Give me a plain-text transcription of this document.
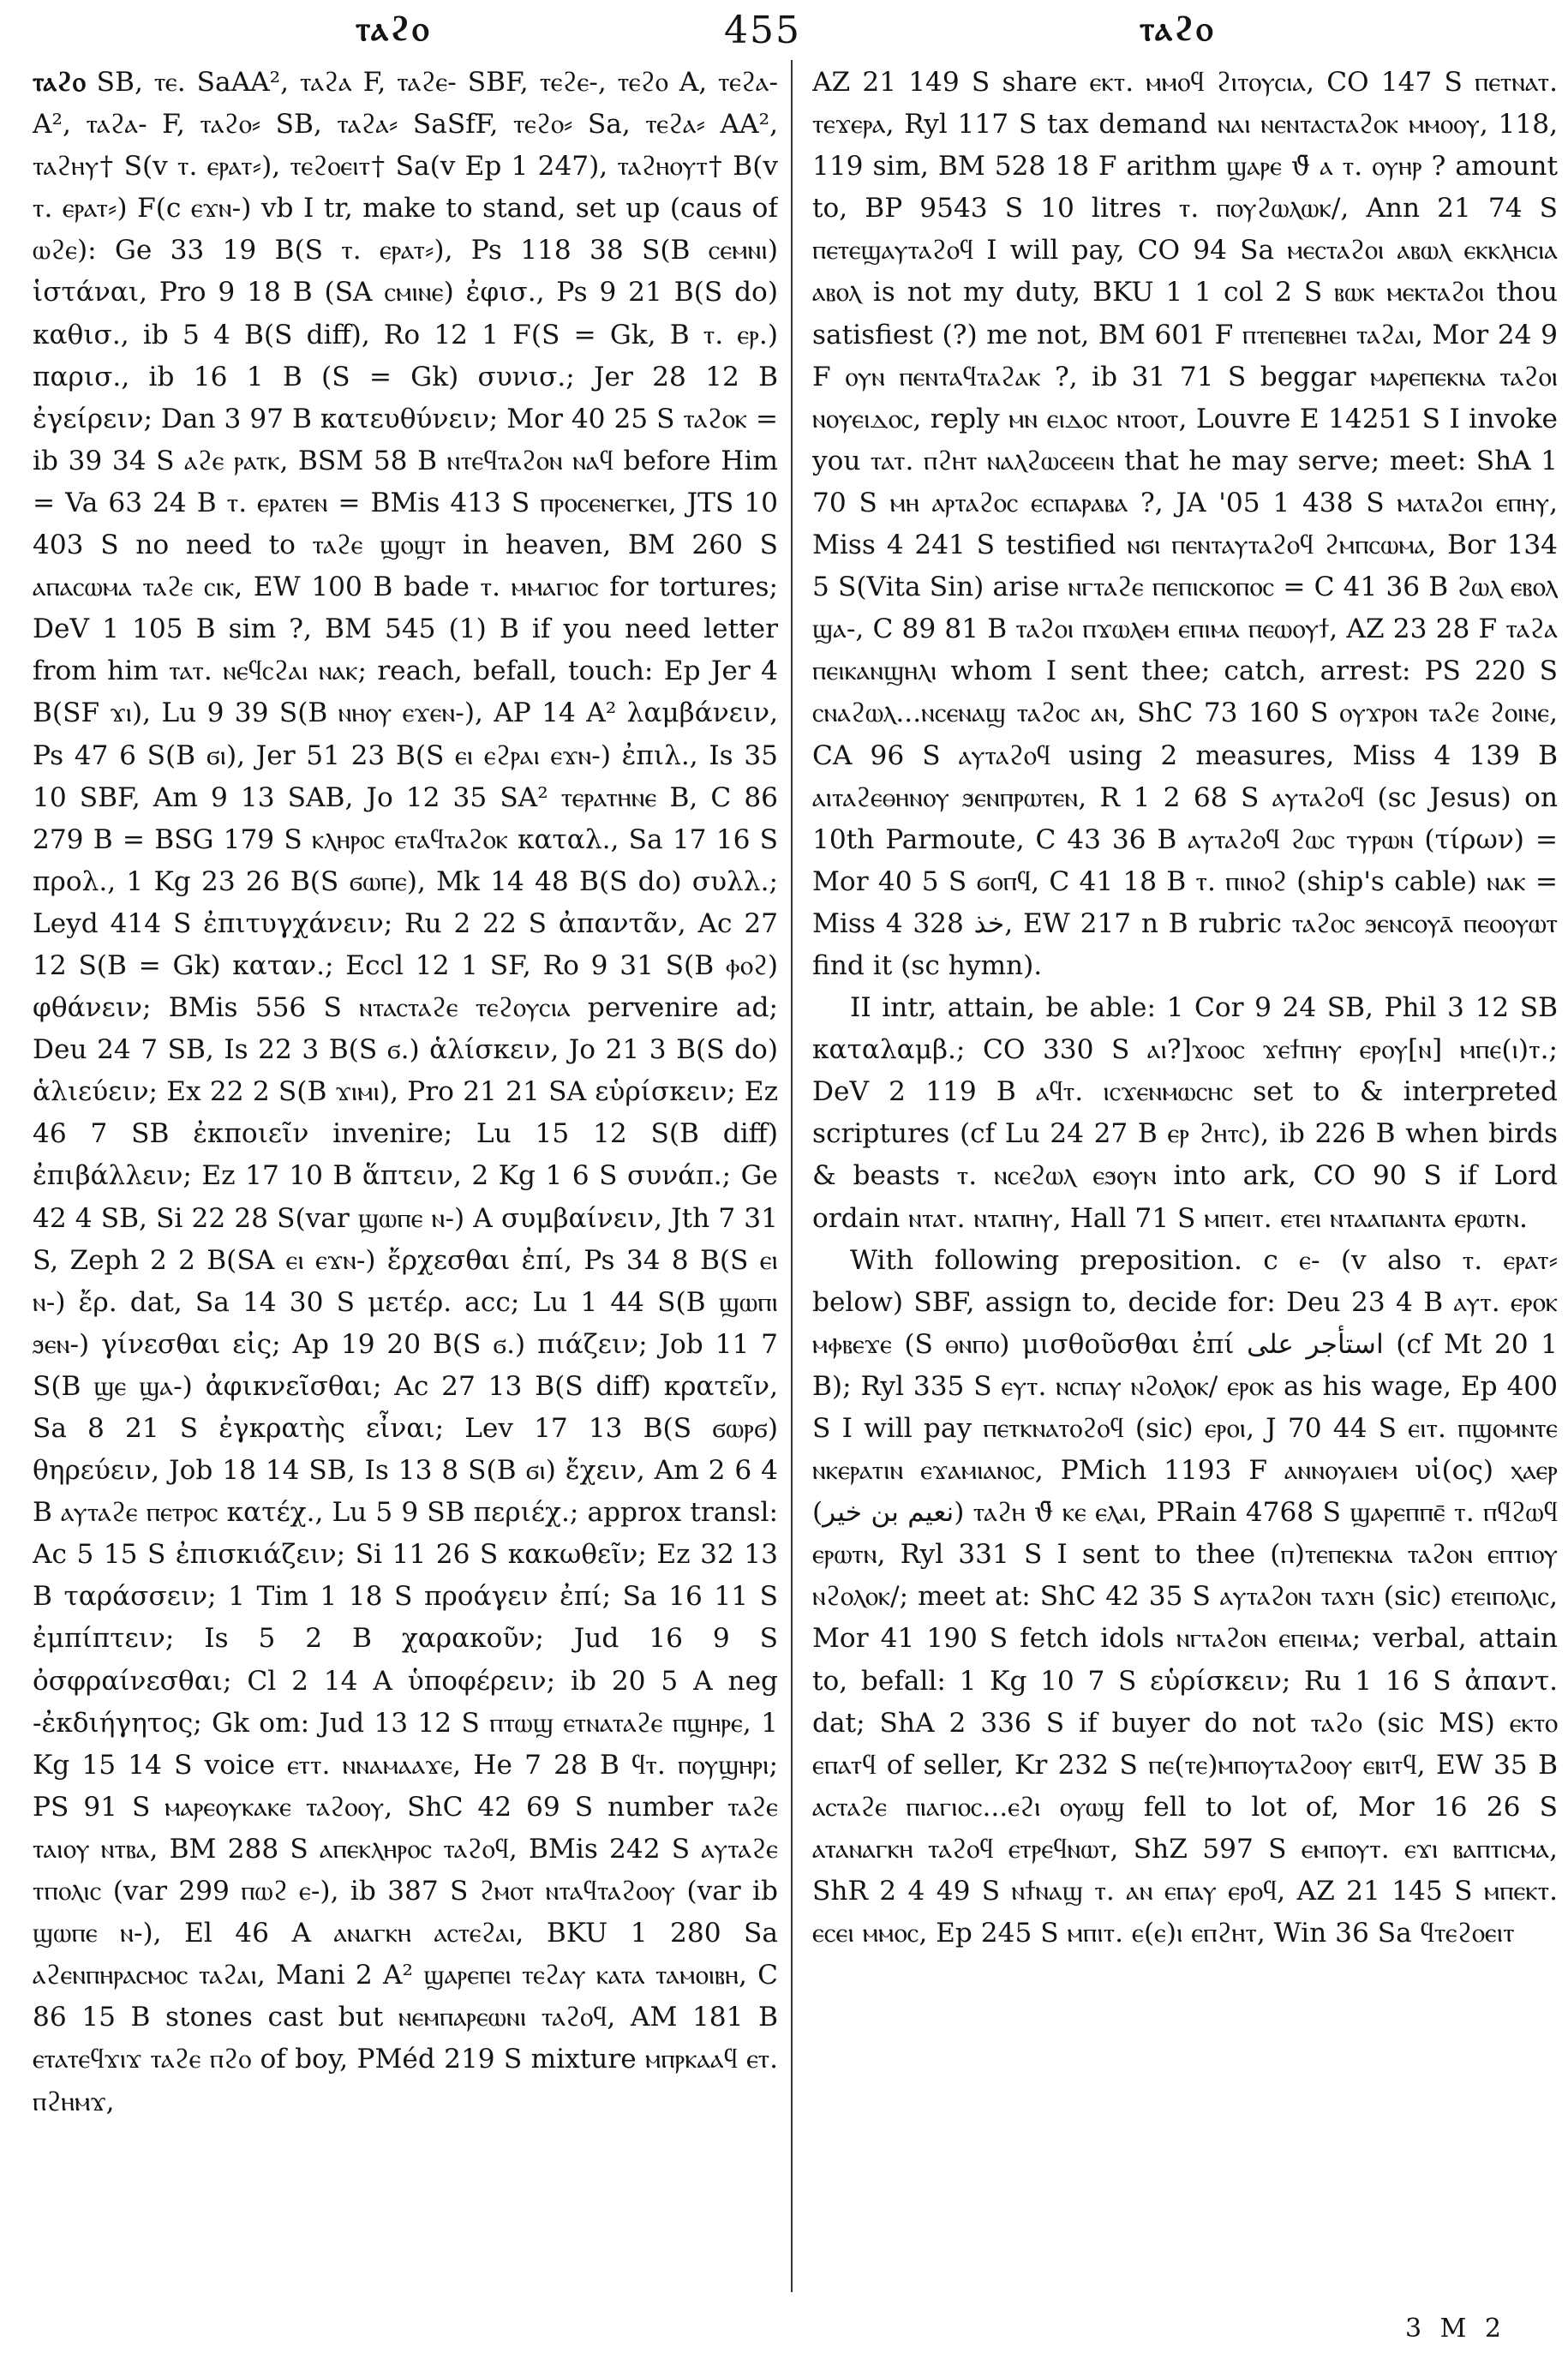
ⲧⲁϩⲟ	455	ⲧⲁϩⲟ

ⲧⲁϩⲟ SB, ⲧⲉ. SaAA², ⲧⲁϩⲁ F, ⲧⲁϩⲉ- SBF, ⲧⲉϩⲉ-, ⲧⲉϩⲟ A, ⲧⲉϩⲁ- A², ⲧⲁϩⲁ- F, ⲧⲁϩⲟ⸗ SB, ⲧⲁϩⲁ⸗ SaSfF, ⲧⲉϩⲟ⸗ Sa, ⲧⲉϩⲁ⸗ AA², ⲧⲁϩⲏⲩ† S(v ⲧ. ⲉⲣⲁⲧ⸗), ⲧⲉϩⲟⲉⲓⲧ† Sa(v Ep 1 247), ⲧⲁϩⲏⲟⲩⲧ† B(v ⲧ. ⲉⲣⲁⲧ⸗) F(c ⲉϫⲛ-) vb I tr, make to stand, set up (caus of ⲱϩⲉ): Ge 33 19 B(S ⲧ. ⲉⲣⲁⲧ⸗), Ps 118 38 S(B ⲥⲉⲙⲛⲓ) ἱστάναι, Pro 9 18 B (SA ⲥⲙⲓⲛⲉ) ἐφισ., Ps 9 21 B(S do) καθισ., ib 5 4 B(S diff), Ro 12 1 F(S = Gk, B ⲧ. ⲉⲣ.) παρισ., ib 16 1 B (S = Gk) συνισ.; Jer 28 12 B ἐγείρειν; Dan 3 97 B κατευθύνειν; Mor 40 25 S ⲧⲁϩⲟⲕ = ib 39 34 S ⲁϩⲉ ⲣⲁⲧⲕ, BSM 58 B ⲛⲧⲉϥⲧⲁϩⲟⲛ ⲛⲁϥ before Him = Va 63 24 B ⲧ. ⲉⲣⲁⲧⲉⲛ = BMis 413 S ⲡⲣⲟⲥⲉⲛⲉⲅⲕⲉⲓ, JTS 10 403 S no need to ⲧⲁϩⲉ ϣⲟϣⲧ in heaven, BM 260 S ⲁⲡⲁⲥⲱⲙⲁ ⲧⲁϩⲉ ⲥⲓⲕ, EW 100 B bade ⲧ. ⲙⲙⲁⲅⲓⲟⲥ for tortures; DeV 1 105 B sim ?, BM 545 (1) B if you need letter from him ⲧⲁⲧ. ⲛⲉϥⲥϩⲁⲓ ⲛⲁⲕ; reach, befall, touch: Ep Jer 4 B(SF ϫⲓ), Lu 9 39 S(B ⲛⲏⲟⲩ ⲉϫⲉⲛ-), AP 14 A² λαμβάνειν, Ps 47 6 S(B ϭⲓ), Jer 51 23 B(S ⲉⲓ ⲉϩⲣⲁⲓ ⲉϫⲛ-) ἐπιλ., Is 35 10 SBF, Am 9 13 SAB, Jo 12 35 SA² ⲧⲉⲣⲁⲧⲏⲛⲉ B, C 86 279 B = BSG 179 S ⲕⲗⲏⲣⲟⲥ ⲉⲧⲁϥⲧⲁϩⲟⲕ καταλ., Sa 17 16 S προλ., 1 Kg 23 26 B(S ϭⲱⲡⲉ), Mk 14 48 B(S do) συλλ.; Leyd 414 S ἐπιτυγχάνειν; Ru 2 22 S ἀπαντᾶν, Ac 27 12 S(B = Gk) καταν.; Eccl 12 1 SF, Ro 9 31 S(B ⲫⲟϩ) φθάνειν; BMis 556 S ⲛⲧⲁⲥⲧⲁϩⲉ ⲧⲉϩⲟⲩⲥⲓⲁ pervenire ad; Deu 24 7 SB, Is 22 3 B(S ϭ.) ἁλίσκειν, Jo 21 3 B(S do) ἁλιεύειν; Ex 22 2 S(B ϫⲓⲙⲓ), Pro 21 21 SA εὑρίσκειν; Ez 46 7 SB ἐκποιεῖν invenire; Lu 15 12 S(B diff) ἐπιβάλλειν; Ez 17 10 B ἅπτειν, 2 Kg 1 6 S συνάπ.; Ge 42 4 SB, Si 22 28 S(var ϣⲱⲡⲉ ⲛ-) A συμβαίνειν, Jth 7 31 S, Zeph 2 2 B(SA ⲉⲓ ⲉϫⲛ-) ἔρχεσθαι ἐπί, Ps 34 8 B(S ⲉⲓ ⲛ-) ἔρ. dat, Sa 14 30 S μετέρ. acc; Lu 1 44 S(B ϣⲱⲡⲓ ϧⲉⲛ-) γίνεσθαι εἰς; Ap 19 20 B(S ϭ.) πιάζειν; Job 11 7 S(B ϣⲉ ϣⲁ-) ἀφικνεῖσθαι; Ac 27 13 B(S diff) κρατεῖν, Sa 8 21 S ἐγκρατὴς εἶναι; Lev 17 13 B(S ϭⲱⲣϭ) θηρεύειν, Job 18 14 SB, Is 13 8 S(B ϭⲓ) ἔχειν, Am 2 6 4 B ⲁⲩⲧⲁϩⲉ ⲡⲉⲧⲣⲟⲥ κατέχ., Lu 5 9 SB περιέχ.; approx transl: Ac 5 15 S ἐπισκιάζειν; Si 11 26 S κακωθεῖν; Ez 32 13 B ταράσσειν; 1 Tim 1 18 S προάγειν ἐπί; Sa 16 11 S ἐμπίπτειν; Is 5 2 B χαρακοῦν; Jud 16 9 S ὀσφραίνεσθαι; Cl 2 14 A ὑποφέρειν; ib 20 5 A neg -ἐκδιήγητος; Gk om: Jud 13 12 S ⲡⲧⲱϣ ⲉⲧⲛⲁⲧⲁϩⲉ ⲡϣⲏⲣⲉ, 1 Kg 15 14 S voice ⲉⲧⲧ. ⲛⲛⲁⲙⲁⲁϫⲉ, He 7 28 B ϥⲧ. ⲡⲟⲩϣⲏⲣⲓ; PS 91 S ⲙⲁⲣⲉⲟⲩⲕⲁⲕⲉ ⲧⲁϩⲟⲟⲩ, ShC 42 69 S number ⲧⲁϩⲉ ⲧⲁⲓⲟⲩ ⲛⲧⲃⲁ, BM 288 S ⲁⲡⲉⲕⲗⲏⲣⲟⲥ ⲧⲁϩⲟϥ, BMis 242 S ⲁⲩⲧⲁϩⲉ ⲧⲡⲟⲗⲓⲥ (var 299 ⲡⲱϩ ⲉ-), ib 387 S ϩⲙⲟⲧ ⲛⲧⲁϥⲧⲁϩⲟⲟⲩ (var ib ϣⲱⲡⲉ ⲛ-), El 46 A ⲁⲛⲁⲅⲕⲏ ⲁⲥⲧⲉϩⲁⲓ, BKU 1 280 Sa ⲁϩⲉⲛⲡⲏⲣⲁⲥⲙⲟⲥ ⲧⲁϩⲁⲓ, Mani 2 A² ϣⲁⲣⲉⲡⲉⲓ ⲧⲉϩⲁⲩ ⲕⲁⲧⲁ ⲧⲁⲙⲟⲓⲃⲏ, C 86 15 B stones cast but ⲛⲉⲙⲡⲁⲣⲉⲱⲛⲓ ⲧⲁϩⲟϥ, AM 181 B ⲉⲧⲁⲧⲉϥϫⲓϫ ⲧⲁϩⲉ ⲡϩⲟ of boy, PMéd 219 S mixture ⲙⲡⲣⲕⲁⲁϥ ⲉⲧ. ⲡϩⲏⲙϫ,

AZ 21 149 S share ⲉⲕⲧ. ⲙⲙⲟϥ ϩⲓⲧⲟⲩⲥⲓⲁ, CO 147 S ⲡⲉⲧⲛⲁⲧ. ⲧⲉϫⲉⲣⲁ, Ryl 117 S tax demand ⲛⲁⲓ ⲛⲉⲛⲧⲁⲥⲧⲁϩⲟⲕ ⲙⲙⲟⲟⲩ, 118, 119 sim, BM 528 18 F arithm ϣⲁⲣⲉ ϑ̄ ⲁ ⲧ. ⲟⲩⲏⲣ ? amount to, BP 9543 S 10 litres ⲧ. ⲡⲟⲩϩⲱⲗⲱⲕ/, Ann 21 74 S ⲡⲉⲧⲉϣⲁⲩⲧⲁϩⲟϥ I will pay, CO 94 Sa ⲙⲉⲥⲧⲁϩⲟⲓ ⲁⲃⲱⲗ ⲉⲕⲕⲗⲏⲥⲓⲁ ⲁⲃⲟⲗ is not my duty, BKU 1 1 col 2 S ⲃⲱⲕ ⲙⲉⲕⲧⲁϩⲟⲓ thou satisfiest (?) me not, BM 601 F ⲡⲧⲉⲡⲉⲃⲏⲉⲓ ⲧⲁϩⲁⲓ, Mor 24 9 F ⲟⲩⲛ ⲡⲉⲛⲧⲁϥⲧⲁϩⲁⲕ ?, ib 31 71 S beggar ⲙⲁⲣⲉⲡⲉⲕⲛⲁ ⲧⲁϩⲟⲓ ⲛⲟⲩⲉⲓⲇⲟⲥ, reply ⲙⲛ ⲉⲓⲇⲟⲥ ⲛⲧⲟⲟⲧ, Louvre E 14251 S I invoke you ⲧⲁⲧ. ⲡϩⲏⲧ ⲛⲁⲗϩⲱⲥⲉⲉⲓⲛ that he may serve; meet: ShA 1 70 S ⲙⲏ ⲁⲣⲧⲁϩⲟⲥ ⲉⲥⲡⲁⲣⲁⲃⲁ ?, JA '05 1 438 S ⲙⲁⲧⲁϩⲟⲓ ⲉⲡⲏⲩ, Miss 4 241 S testified ⲛϭⲓ ⲡⲉⲛⲧⲁⲩⲧⲁϩⲟϥ ϩⲙⲡⲥⲱⲙⲁ, Bor 134 5 S(Vita Sin) arise ⲛⲅⲧⲁϩⲉ ⲡⲉⲡⲓⲥⲕⲟⲡⲟⲥ = C 41 36 B ϩⲱⲗ ⲉⲃⲟⲗ ϣⲁ-, C 89 81 B ⲧⲁϩⲟⲓ ⲡϫⲱⲗⲉⲙ ⲉⲡⲓⲙⲁ ⲡⲉⲱⲟⲩϯ, AZ 23 28 F ⲧⲁϩⲁ ⲡⲉⲓⲕⲁⲛϣⲏⲗⲓ whom I sent thee; catch, arrest: PS 220 S ⲥⲛⲁϩⲱⲗ...ⲛⲥⲉⲛⲁϣ ⲧⲁϩⲟⲥ ⲁⲛ, ShC 73 160 S ⲟⲩϫⲣⲟⲛ ⲧⲁϩⲉ ϩⲟⲓⲛⲉ, CA 96 S ⲁⲩⲧⲁϩⲟϥ using 2 measures, Miss 4 139 B ⲁⲓⲧⲁϩⲉⲑⲏⲛⲟⲩ ϧⲉⲛⲡⲣⲱⲧⲉⲛ, R 1 2 68 S ⲁⲩⲧⲁϩⲟϥ (sc Jesus) on 10th Parmoute, C 43 36 B ⲁⲩⲧⲁϩⲟϥ ϩⲱⲥ ⲧⲩⲣⲱⲛ (τίρων) = Mor 40 5 S ϭⲟⲡϥ, C 41 18 B ⲧ. ⲡⲓⲛⲟϩ (ship's cable) ⲛⲁⲕ = Miss 4 328 ﺧﺬ, EW 217 n B rubric ⲧⲁϩⲟⲥ ϧⲉⲛⲥⲟⲩⲁ̄ ⲡⲉⲟⲟⲩⲱⲧ find it (sc hymn).

II intr, attain, be able: 1 Cor 9 24 SB, Phil 3 12 SB καταλαμβ.; CO 330 S ⲁⲓ?]ϫⲟⲟⲥ ϫⲉϯⲡⲏⲩ ⲉⲣⲟⲩ[ⲛ] ⲙⲡⲉ(ⲓ)ⲧ.; DeV 2 119 B ⲁϥⲧ. ⲓⲥϫⲉⲛⲙⲱⲥⲏⲥ set to & interpreted scriptures (cf Lu 24 27 B ⲉⲣ ϩⲏⲧⲥ), ib 226 B when birds & beasts ⲧ. ⲛⲥⲉϩⲱⲗ ⲉϧⲟⲩⲛ into ark, CO 90 S if Lord ordain ⲛⲧⲁⲧ. ⲛⲧⲁⲡⲏⲩ, Hall 71 S ⲙⲡⲉⲓⲧ. ⲉⲧⲉⲓ ⲛⲧⲁⲁⲡⲁⲛⲧⲁ ⲉⲣⲱⲧⲛ.

With following preposition. c ⲉ- (v also ⲧ. ⲉⲣⲁⲧ⸗ below) SBF, assign to, decide for: Deu 23 4 B ⲁⲩⲧ. ⲉⲣⲟⲕ ⲙⲫⲃⲉϫⲉ (S ⲑⲛⲡⲟ) μισθοῦσθαι ἐπί ﺍﺳﺘﺄﺟﺮ ﻋﻠﻰ (cf Mt 20 1 B); Ryl 335 S ⲉⲩⲧ. ⲛⲥⲡⲁⲩ ⲛϩⲟⲗⲟⲕ/ ⲉⲣⲟⲕ as his wage, Ep 400 S I will pay ⲡⲉⲧⲕⲛⲁⲧⲟϩⲟϥ (sic) ⲉⲣⲟⲓ, J 70 44 S ⲉⲓⲧ. ⲡϣⲟⲙⲛⲧⲉ ⲛⲕⲉⲣⲁⲧⲓⲛ ⲉϫⲁⲙⲓⲁⲛⲟⲥ, PMich 1193 F ⲁⲛⲛⲟⲩⲁⲓⲉⲙ υἱ(ος) ⲭⲁⲉⲣ (نعيم بن خير) ⲧⲁϩⲏ ϑ̄ ⲕⲉ ⲉⲗⲁⲓ, PRain 4768 S ϣⲁⲣⲉⲡⲡⲉ̄ ⲧ. ⲡϥϩⲱϥ ⲉⲣⲱⲧⲛ, Ryl 331 S I sent to thee (ⲡ)ⲧⲉⲡⲉⲕⲛⲁ ⲧⲁϩⲟⲛ ⲉⲡⲧⲓⲟⲩ ⲛϩⲟⲗⲟⲕ/; meet at: ShC 42 35 S ⲁⲩⲧⲁϩⲟⲛ ⲧⲁϫⲏ (sic) ⲉⲧⲉⲓⲡⲟⲗⲓⲥ, Mor 41 190 S fetch idols ⲛⲅⲧⲁϩⲟⲛ ⲉⲡⲉⲓⲙⲁ; verbal, attain to, befall: 1 Kg 10 7 S εὑρίσκειν; Ru 1 16 S ἀπαντ. dat; ShA 2 336 S if buyer do not ⲧⲁϩⲟ (sic MS) ⲉⲕⲧⲟ ⲉⲡⲁⲧϥ of seller, Kr 232 S ⲡⲉ(ⲧⲉ)ⲙⲡⲟⲩⲧⲁϩⲟⲟⲩ ⲉⲃⲓⲧϥ, EW 35 B ⲁⲥⲧⲁϩⲉ ⲡⲓⲁⲅⲓⲟⲥ...ⲉϩⲓ ⲟⲩⲱϣ fell to lot of, Mor 16 26 S ⲁⲧⲁⲛⲁⲅⲕⲏ ⲧⲁϩⲟϥ ⲉⲧⲣⲉϥⲛⲱⲧ, ShZ 597 S ⲉⲙⲡⲟⲩⲧ. ⲉϫⲓ ⲃⲁⲡⲧⲓⲥⲙⲁ, ShR 2 4 49 S ⲛϯⲛⲁϣ ⲧ. ⲁⲛ ⲉⲡⲁⲩ ⲉⲣⲟϥ, AZ 21 145 S ⲙⲡⲉⲕⲧ. ⲉⲥⲉⲓ ⲙⲙⲟⲥ, Ep 245 S ⲙⲡⲓⲧ. ⲉ(ⲉ)ⲓ ⲉⲡϩⲏⲧ, Win 36 Sa ϥⲧⲉϩⲟⲉⲓⲧ

3 M 2
